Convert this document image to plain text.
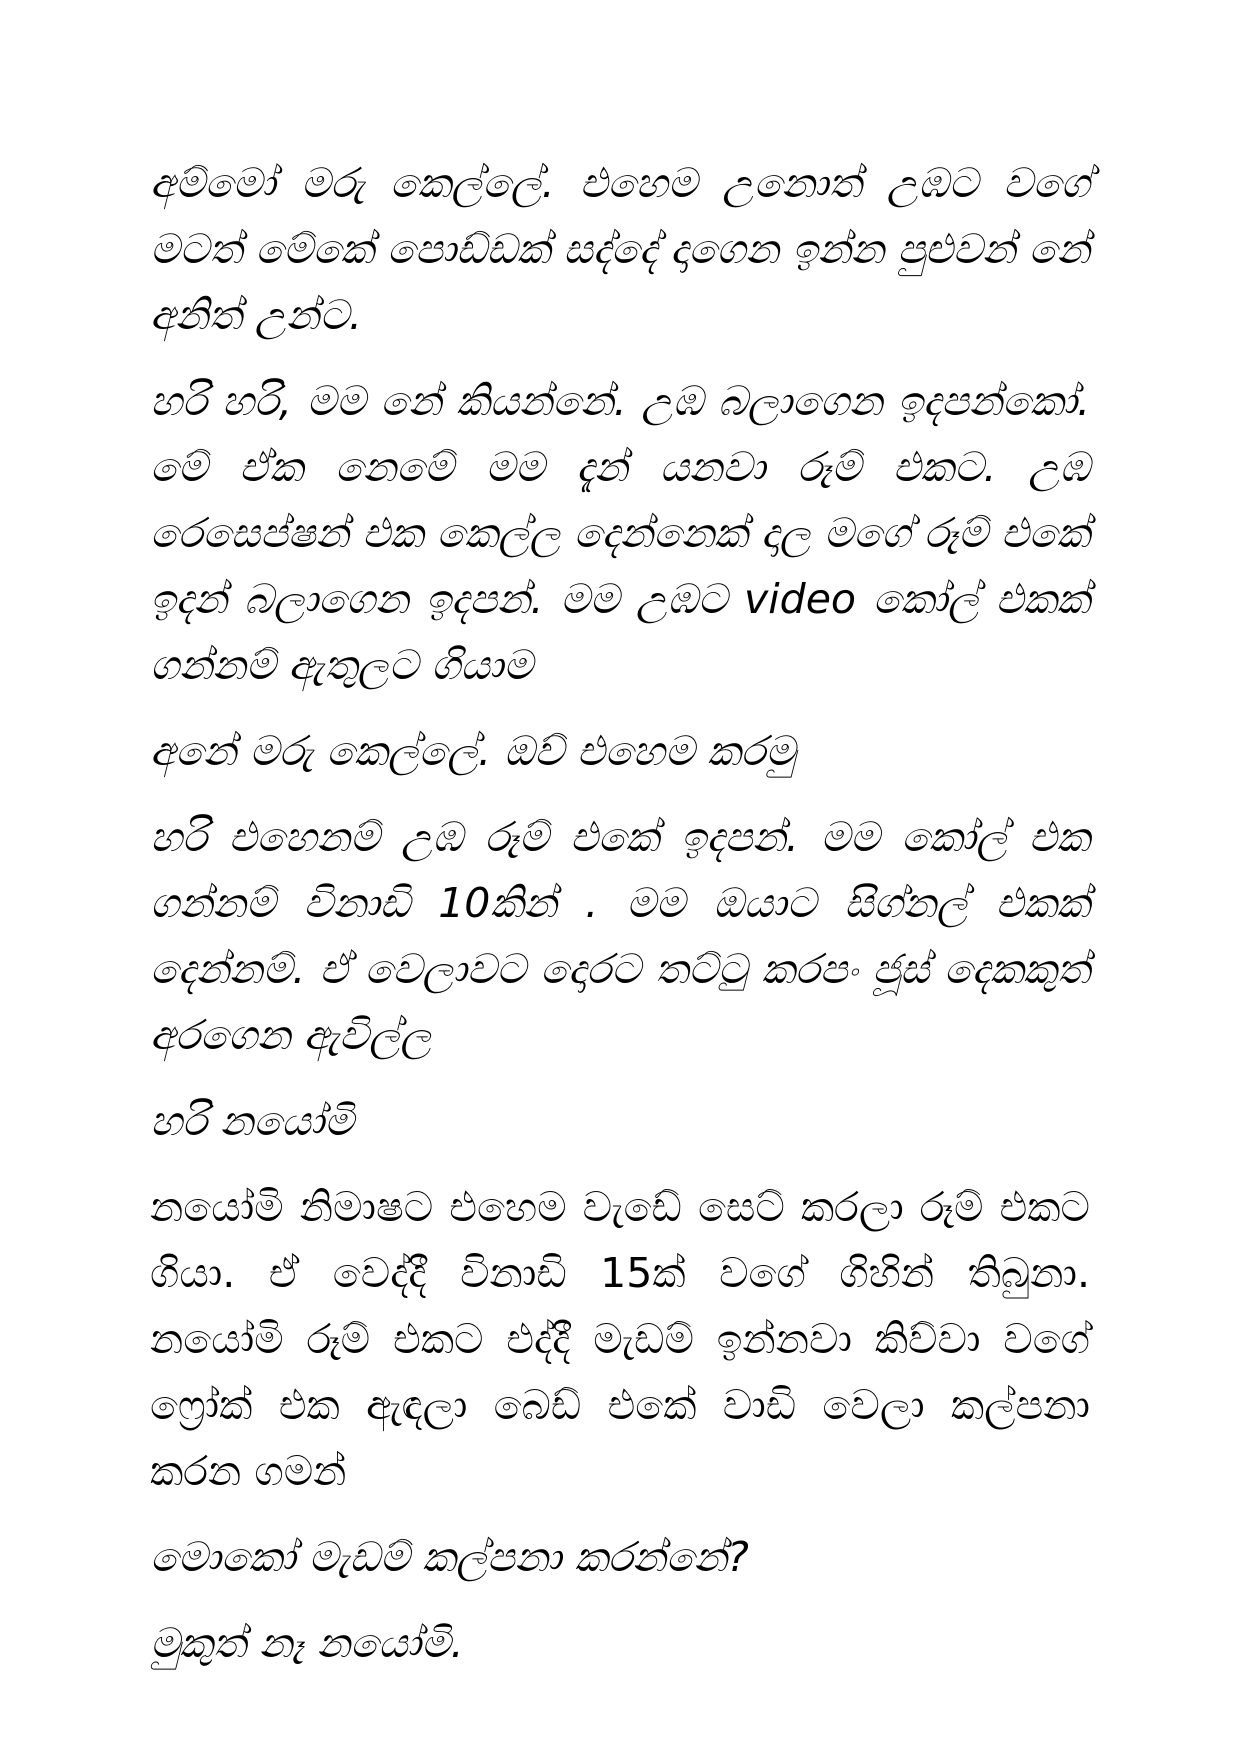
අම්මෝ මරු කෙල්ලේ. එහෙම උනොත් උඹට වගේ මටත් මේකේ පොඩ්ඩක් සද්දේ දාගෙන ඉන්න පුළුවන් නේ අනිත් උන්ට.

හරි හරි, මම නේ කියන්නේ. උඹ බලාගෙන ඉදපන්කෝ. මේ ඒක නෙමේ මම දැන් යනවා රූම් එකට. උඹ රෙසෙප්ෂන් එක කෙල්ල දෙන්නෙක් දාල මගේ රූම් එකේ ඉදන් බලාගෙන ඉදපන්. මම උඹට video කෝල් එකක් ගන්නම් ඇතුලට ගියාම

අනේ මරු කෙල්ලේ. ඔව් එහෙම කරමු

හරි එහෙනම් උඹ රූම් එකේ ඉදපන්. මම කෝල් එක ගන්නම් විනාඩි 10කින් . මම ඔයාට සිග්නල් එකක් දෙන්නම්. ඒ වෙලාවට දොරට තට්ටු කරපං ජූස් දෙකකුත් අරගෙන ඇවිල්ල

හරි නයෝමි

නයෝමි නිමාෂට එහෙම වැඩේ සෙට් කරලා රූම් එකට ගියා. ඒ වෙද්දී විනාඩි 15ක් වගේ ගිහින් තිබුනා. නයෝමි රූම් එකට එද්දී මැඩම් ඉන්නවා කිව්වා වගේ ෆ්‍රෝක් එක ඇඳලා බෙඩ් එකේ වාඩි වෙලා කල්පනා කරන ගමන්

මොකෝ මැඩම් කල්පනා කරන්නේ?

මුකුත් නෑ නයෝමි.
